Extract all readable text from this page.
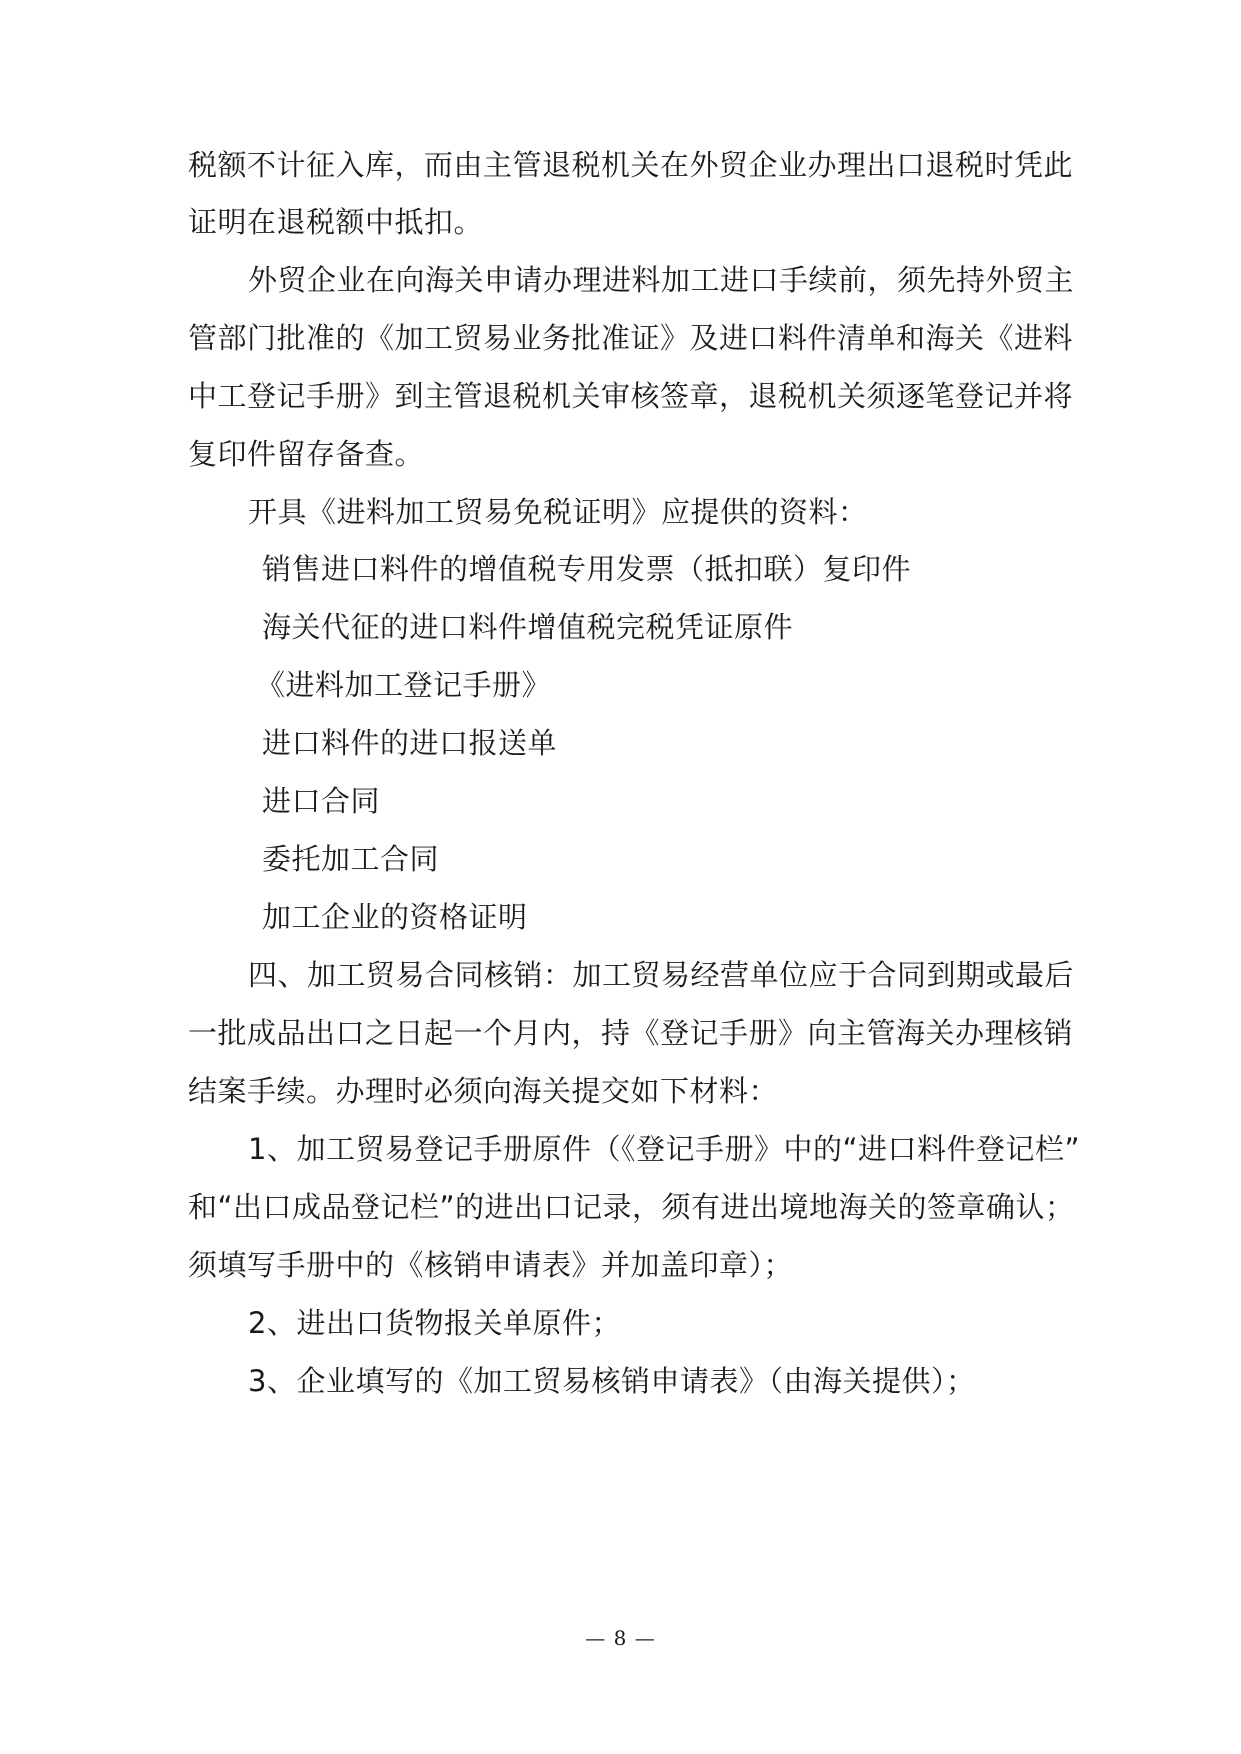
税额不计征入库，而由主管退税机关在外贸企业办理出口退税时凭此
证明在退税额中抵扣。
外贸企业在向海关申请办理进料加工进口手续前，须先持外贸主
管部门批准的《加工贸易业务批准证》及进口料件清单和海关《进料
中工登记手册》到主管退税机关审核签章，退税机关须逐笔登记并将
复印件留存备查。
开具《进料加工贸易免税证明》应提供的资料：
销售进口料件的增值税专用发票（抵扣联）复印件
海关代征的进口料件增值税完税凭证原件
《进料加工登记手册》
进口料件的进口报送单
进口合同
委托加工合同
加工企业的资格证明
四、加工贸易合同核销：加工贸易经营单位应于合同到期或最后
一批成品出口之日起一个月内，持《登记手册》向主管海关办理核销
结案手续。办理时必须向海关提交如下材料：
1、加工贸易登记手册原件（《登记手册》中的“进口料件登记栏”
和“出口成品登记栏”的进出口记录，须有进出境地海关的签章确认；
须填写手册中的《核销申请表》并加盖印章）；
2、进出口货物报关单原件；
3、企业填写的《加工贸易核销申请表》（由海关提供）；
— 8 —
